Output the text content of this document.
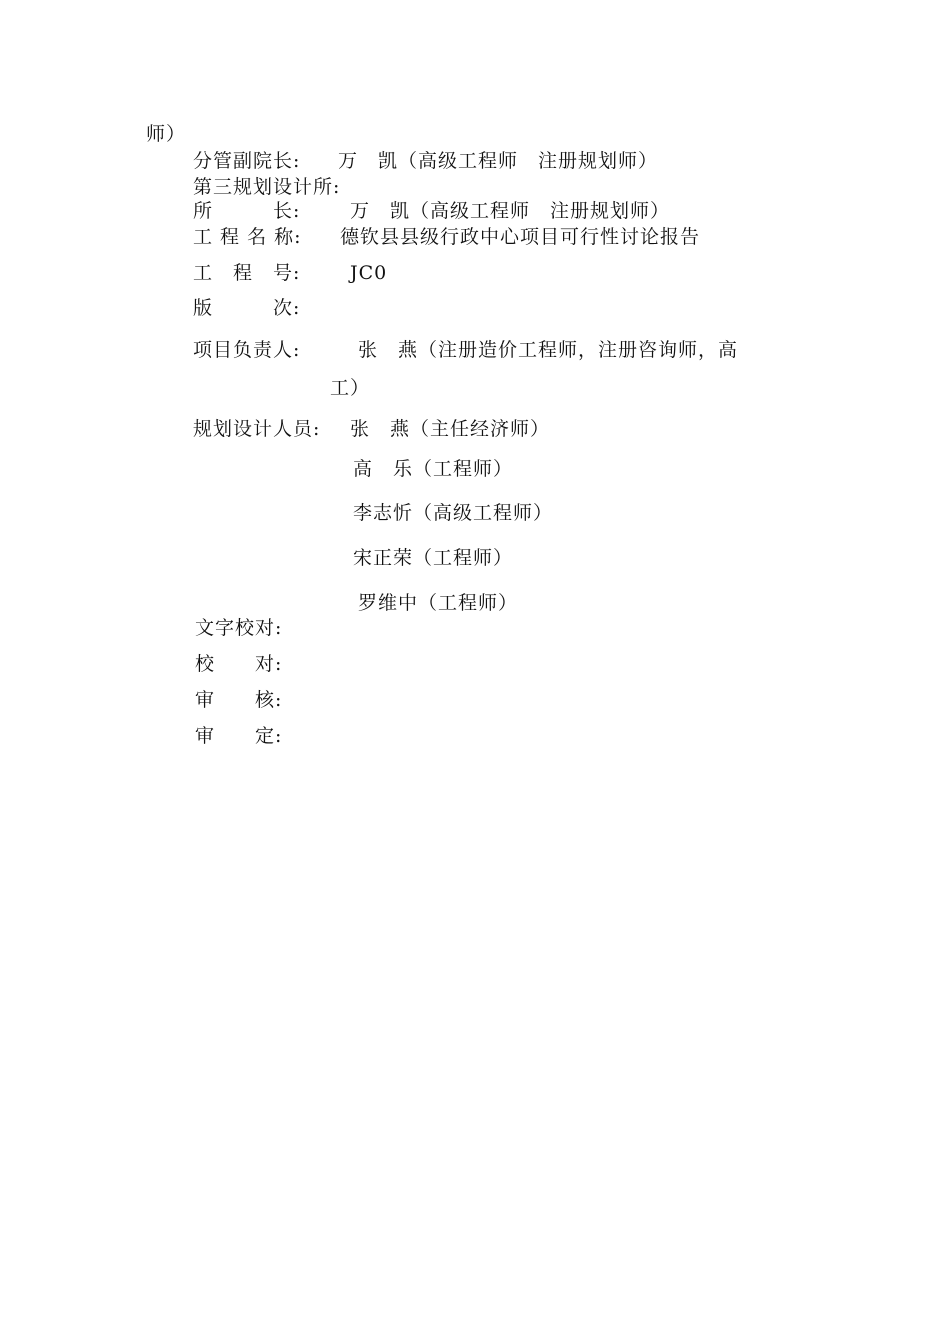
师）
分管副院长: 万　凯（高级工程师　注册规划师）
第三规划设计所:
所　　　长:	万　凯（高级工程师　注册规划师）
工 程 名 称: 德钦县县级行政中心项目可行性讨论报告
工　程　号:	JC0
版　　　次:
项目负责人:	张　燕（注册造价工程师，注册咨询师，高
工）
规划设计人员: 张　燕（主任经济师）
高　乐（工程师）
李志忻（高级工程师）
宋正荣（工程师）
罗维中（工程师）
文字校对:
校　　对:
审　　核:
审　　定:
